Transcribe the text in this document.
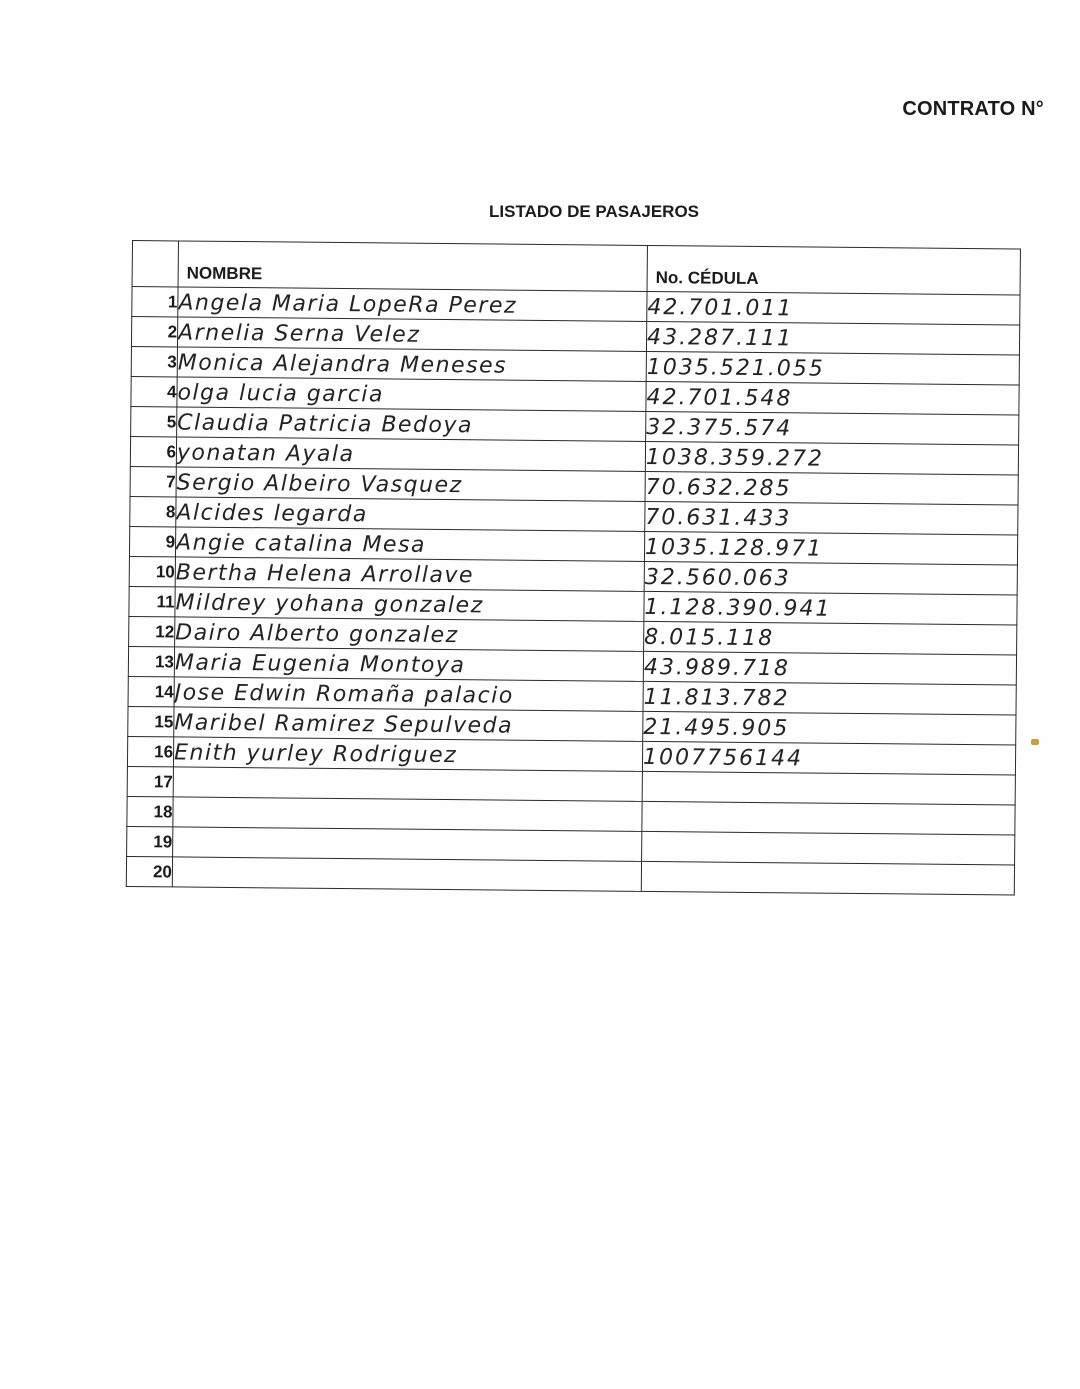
CONTRATO N°
LISTADO DE PASAJEROS
	NOMBRE	No. CÉDULA
1	Angela Maria LopeRa Perez	42.701.011
2	Arnelia Serna Velez	43.287.111
3	Monica Alejandra Meneses	1035.521.055
4	olga lucia garcia	42.701.548
5	Claudia Patricia Bedoya	32.375.574
6	yonatan Ayala	1038.359.272
7	Sergio Albeiro Vasquez	70.632.285
8	Alcides legarda	70.631.433
9	Angie catalina Mesa	1035.128.971
10	Bertha Helena Arrollave	32.560.063
11	Mildrey yohana gonzalez	1.128.390.941
12	Dairo Alberto gonzalez	8.015.118
13	Maria Eugenia Montoya	43.989.718
14	Jose Edwin Romaña palacio	11.813.782
15	Maribel Ramirez Sepulveda	21.495.905
16	Enith yurley Rodriguez	1007756144
17		
18		
19		
20		
